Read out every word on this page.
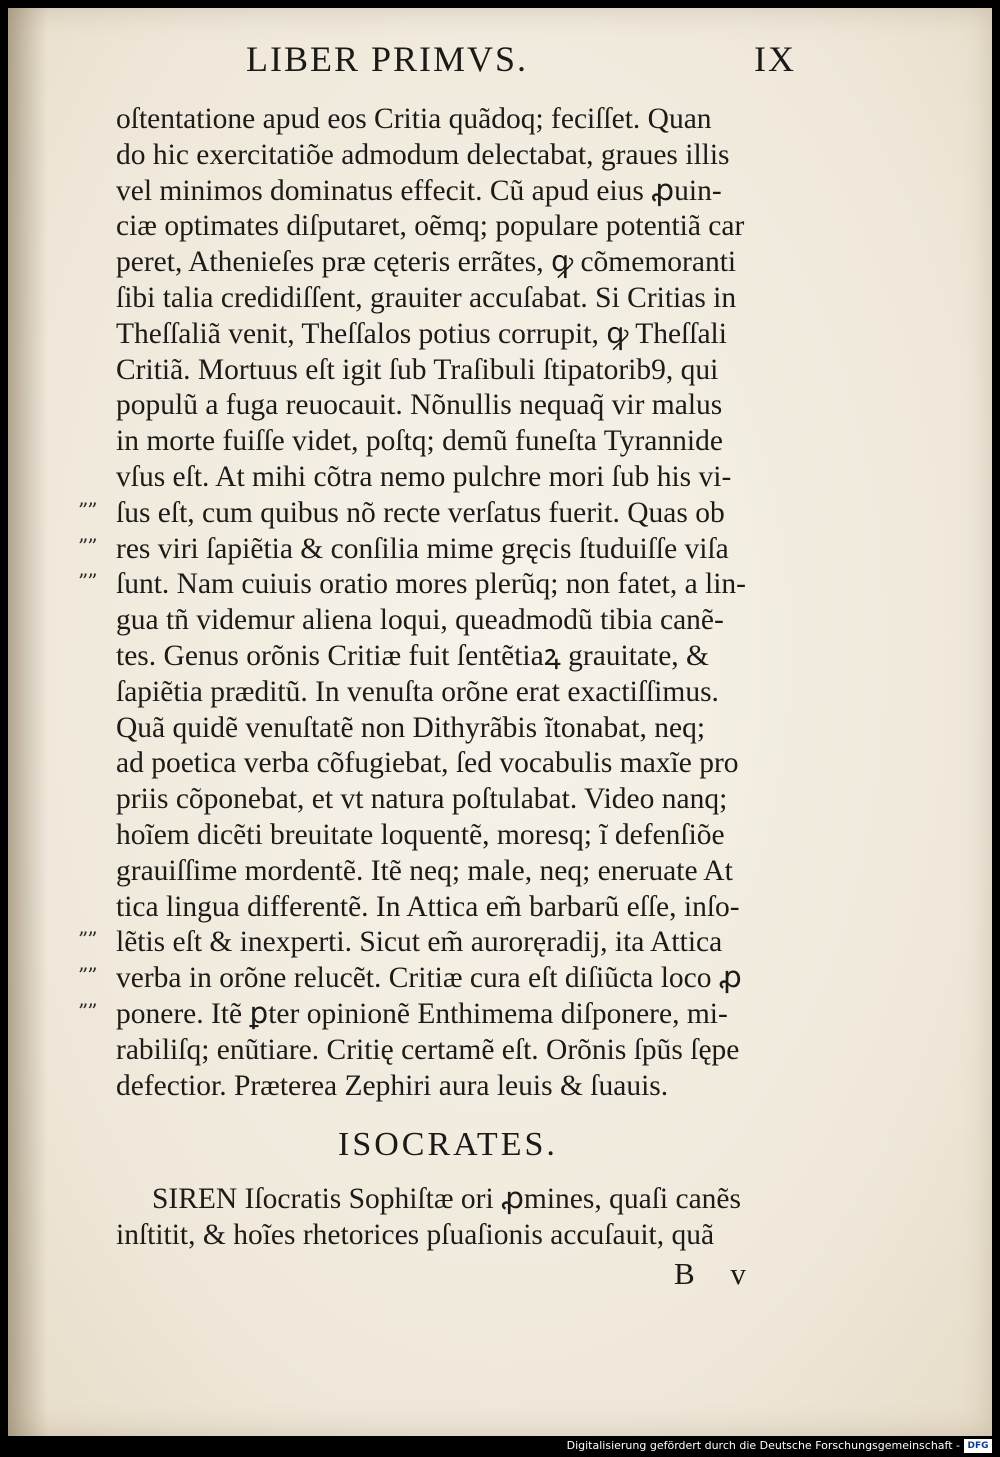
LIBER PRIMVS.	IX
oſtentatione apud eos Critia quãdoq; feciſſet. Quan
do hic exercitatiõe admodum delectabat, graues illis
vel minimos dominatus effecit. Cũ apud eius ꝓuin-
ciæ optimates diſputaret, oẽmq; populare potentiã car
peret, Athenieſes præ cęteris errãtes, ꝙ cõmemoranti
ſibi talia credidiſſent, grauiter accuſabat. Si Critias in
Theſſaliã venit, Theſſalos potius corrupit, ꝙ Theſſali
Critiã. Mortuus eſt igit ſub Traſibuli ſtipatorib9, qui
populũ a fuga reuocauit. Nõnullis nequaq̃ vir malus
in morte fuiſſe videt, poſtq; demũ funeſta Tyrannide
vſus eſt. At mihi cõtra nemo pulchre mori ſub his vi-
ſus eſt, cum quibus nõ recte verſatus fuerit. Quas ob
res viri ſapiẽtia & conſilia mime gręcis ſtuduiſſe viſa
ſunt. Nam cuiuis oratio mores plerũq; non fatet, a lin-
gua tñ videmur aliena loqui, queadmodũ tibia canẽ-
tes. Genus orõnis Critiæ fuit ſentẽtiaꝝ grauitate, &
ſapiẽtia præditũ. In venuſta orõne erat exactiſſimus.
Quã quidẽ venuſtatẽ non Dithyrãbis ĩtonabat, neq;
ad poetica verba cõfugiebat, ſed vocabulis maxĩe pro
priis cõponebat, et vt natura poſtulabat. Video nanq;
hoĩem dicẽti breuitate loquentẽ, moresq; ĩ defenſiõe
grauiſſime mordentẽ. Itẽ neq; male, neq; eneruate At
tica lingua differentẽ. In Attica em̃ barbarũ eſſe, inſo-
lẽtis eſt & inexperti. Sicut em̃ auroręradij, ita Attica
verba in orõne relucẽt. Critiæ cura eſt diſiũcta loco ꝓ
ponere. Itẽ ꝑter opinionẽ Enthimema diſponere, mi-
rabiliſq; enũtiare. Critię certamẽ eſt. Orõnis ſpũs ſępe
defectior. Præterea Zephiri aura leuis & ſuauis.
””
””
””
””
””
””
ISOCRATES.
SIREN Iſocratis Sophiſtæ ori ꝓmines, quaſi canẽs
inſtitit, & hoĩes rhetorices pſuaſionis accuſauit, quã
B v
Digitalisierung gefördert durch die Deutsche Forschungsgemeinschaft - DFG
